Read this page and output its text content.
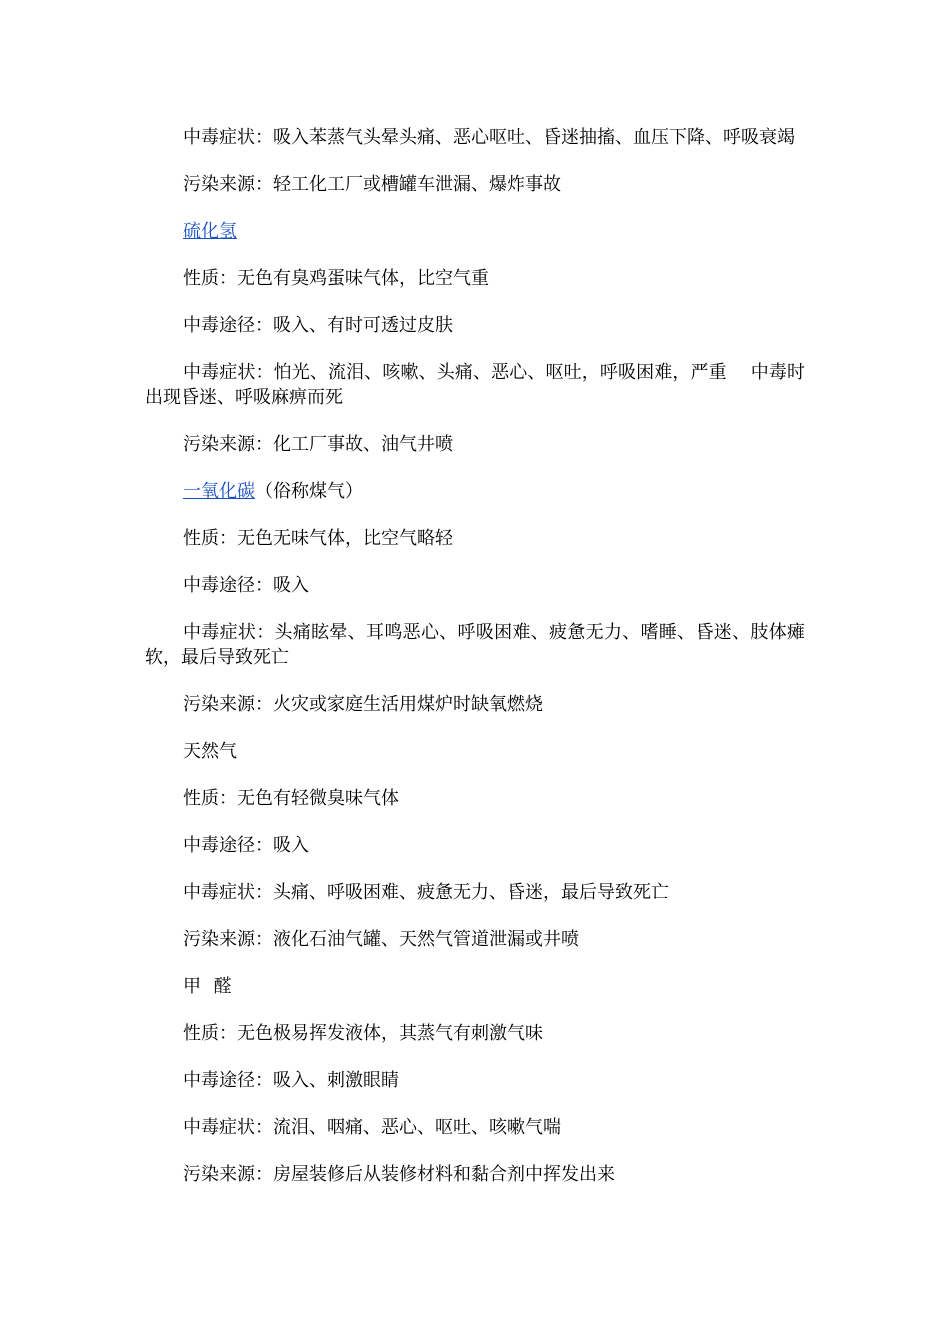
中毒症状：吸入苯蒸气头晕头痛、恶心呕吐、昏迷抽搐、血压下降、呼吸衰竭

污染来源：轻工化工厂或槽罐车泄漏、爆炸事故

硫化氢

性质：无色有臭鸡蛋味气体，比空气重

中毒途径：吸入、有时可透过皮肤

中毒症状：怕光、流泪、咳嗽、头痛、恶心、呕吐，呼吸困难，严重　 中毒时出现昏迷、呼吸麻痹而死

污染来源：化工厂事故、油气井喷

一氧化碳（俗称煤气）

性质：无色无味气体，比空气略轻

中毒途径：吸入

中毒症状：头痛眩晕、耳鸣恶心、呼吸困难、疲惫无力、嗜睡、昏迷、肢体瘫软，最后导致死亡

污染来源：火灾或家庭生活用煤炉时缺氧燃烧

天然气

性质：无色有轻微臭味气体

中毒途径：吸入

中毒症状：头痛、呼吸困难、疲惫无力、昏迷，最后导致死亡

污染来源：液化石油气罐、天然气管道泄漏或井喷

甲醛

性质：无色极易挥发液体，其蒸气有刺激气味

中毒途径：吸入、刺激眼睛

中毒症状：流泪、咽痛、恶心、呕吐、咳嗽气喘

污染来源：房屋装修后从装修材料和黏合剂中挥发出来
